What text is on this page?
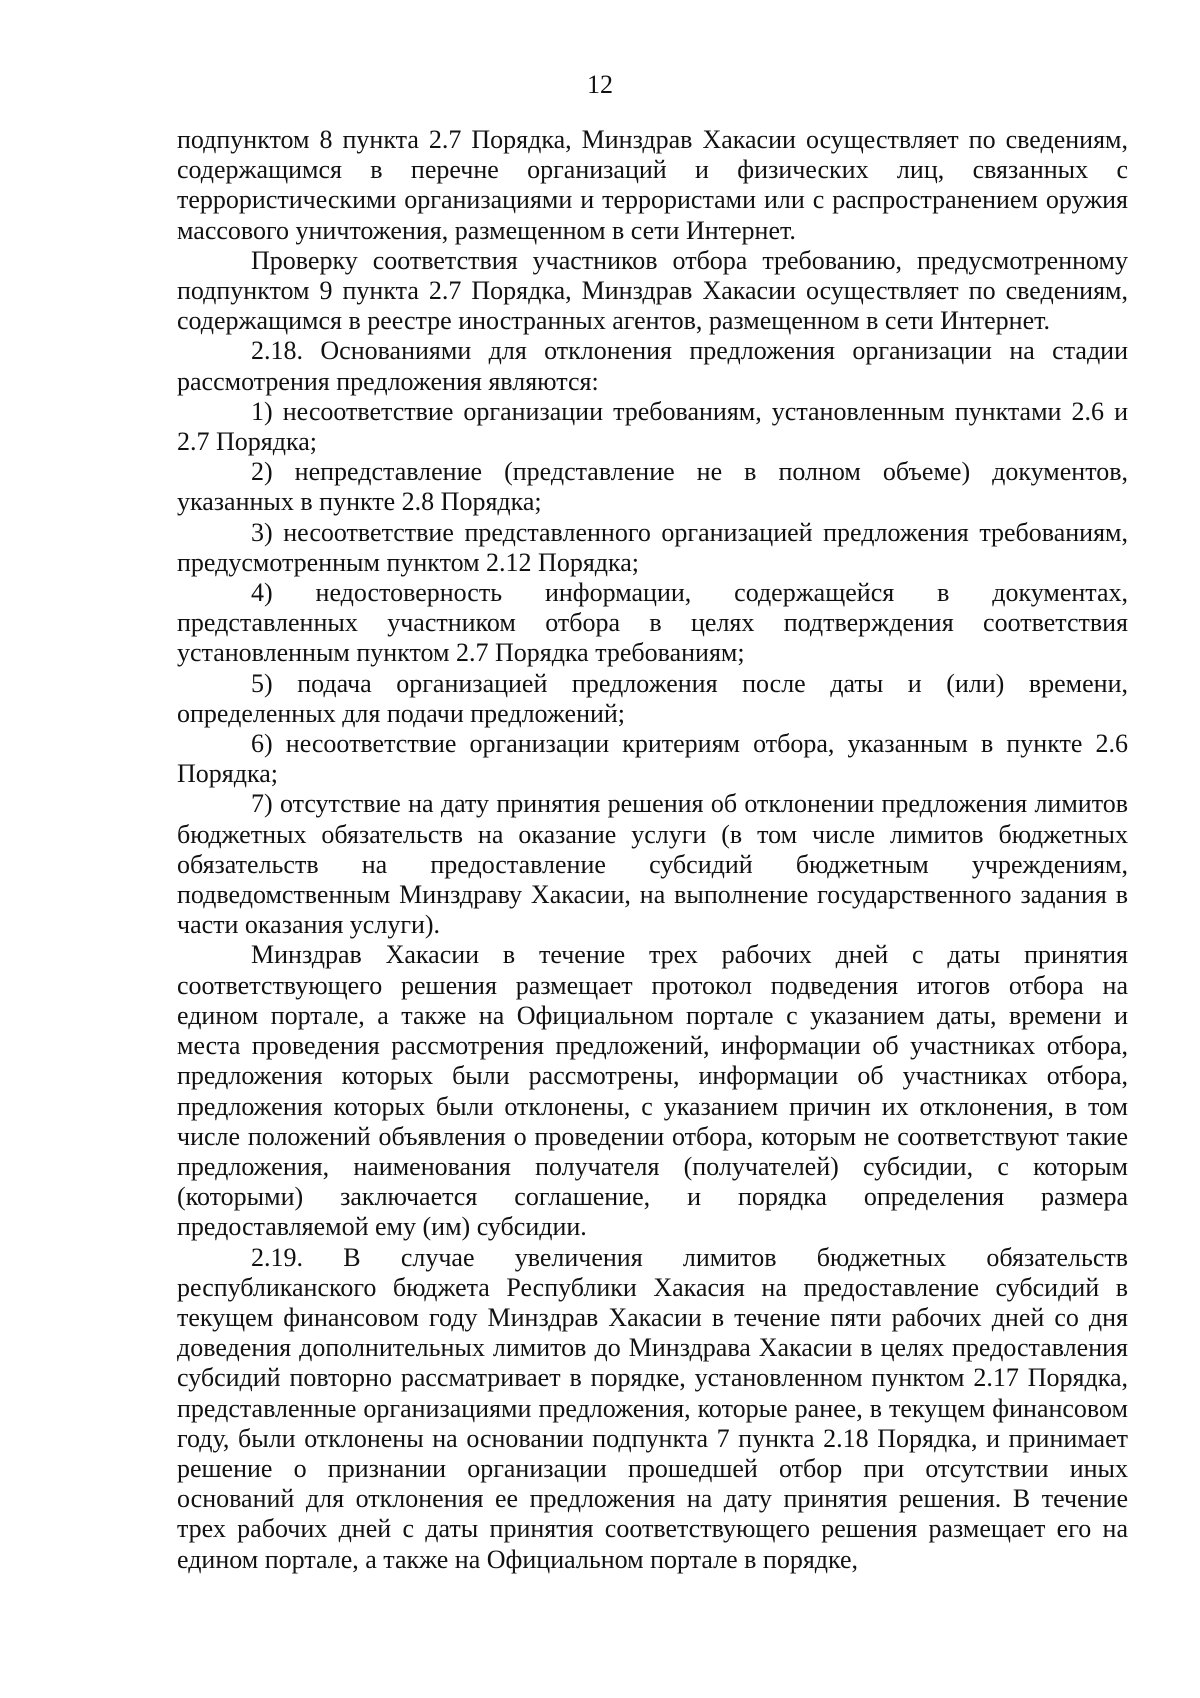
12

подпунктом 8 пункта 2.7 Порядка, Минздрав Хакасии осуществляет по сведениям, содержащимся в перечне организаций и физических лиц, связанных с террористическими организациями и террористами или с распространением оружия массового уничтожения, размещенном в сети Интернет.

Проверку соответствия участников отбора требованию, предусмотренному подпунктом 9 пункта 2.7 Порядка, Минздрав Хакасии осуществляет по сведениям, содержащимся в реестре иностранных агентов, размещенном в сети Интернет.

2.18. Основаниями для отклонения предложения организации на стадии рассмотрения предложения являются:

1) несоответствие организации требованиям, установленным пунктами 2.6 и 2.7 Порядка;

2) непредставление (представление не в полном объеме) документов, указанных в пункте 2.8 Порядка;

3) несоответствие представленного организацией предложения требованиям, предусмотренным пунктом 2.12 Порядка;

4) недостоверность информации, содержащейся в документах, представленных участником отбора в целях подтверждения соответствия установленным пунктом 2.7 Порядка требованиям;

5) подача организацией предложения после даты и (или) времени, определенных для подачи предложений;

6) несоответствие организации критериям отбора, указанным в пункте 2.6 Порядка;

7) отсутствие на дату принятия решения об отклонении предложения лимитов бюджетных обязательств на оказание услуги (в том числе лимитов бюджетных обязательств на предоставление субсидий бюджетным учреждениям, подведомственным Минздраву Хакасии, на выполнение государственного задания в части оказания услуги).

Минздрав Хакасии в течение трех рабочих дней с даты принятия соответствующего решения размещает протокол подведения итогов отбора на едином портале, а также на Официальном портале с указанием даты, времени и места проведения рассмотрения предложений, информации об участниках отбора, предложения которых были рассмотрены, информации об участниках отбора, предложения которых были отклонены, с указанием причин их отклонения, в том числе положений объявления о проведении отбора, которым не соответствуют такие предложения, наименования получателя (получателей) субсидии, с которым (которыми) заключается соглашение, и порядка определения размера предоставляемой ему (им) субсидии.

2.19. В случае увеличения лимитов бюджетных обязательств республиканского бюджета Республики Хакасия на предоставление субсидий в текущем финансовом году Минздрав Хакасии в течение пяти рабочих дней со дня доведения дополнительных лимитов до Минздрава Хакасии в целях предоставления субсидий повторно рассматривает в порядке, установленном пунктом 2.17 Порядка, представленные организациями предложения, которые ранее, в текущем финансовом году, были отклонены на основании подпункта 7 пункта 2.18 Порядка, и принимает решение о признании организации прошедшей отбор при отсутствии иных оснований для отклонения ее предложения на дату принятия решения. В течение трех рабочих дней с даты принятия соответствующего решения размещает его на едином портале, а также на Официальном портале в порядке,
